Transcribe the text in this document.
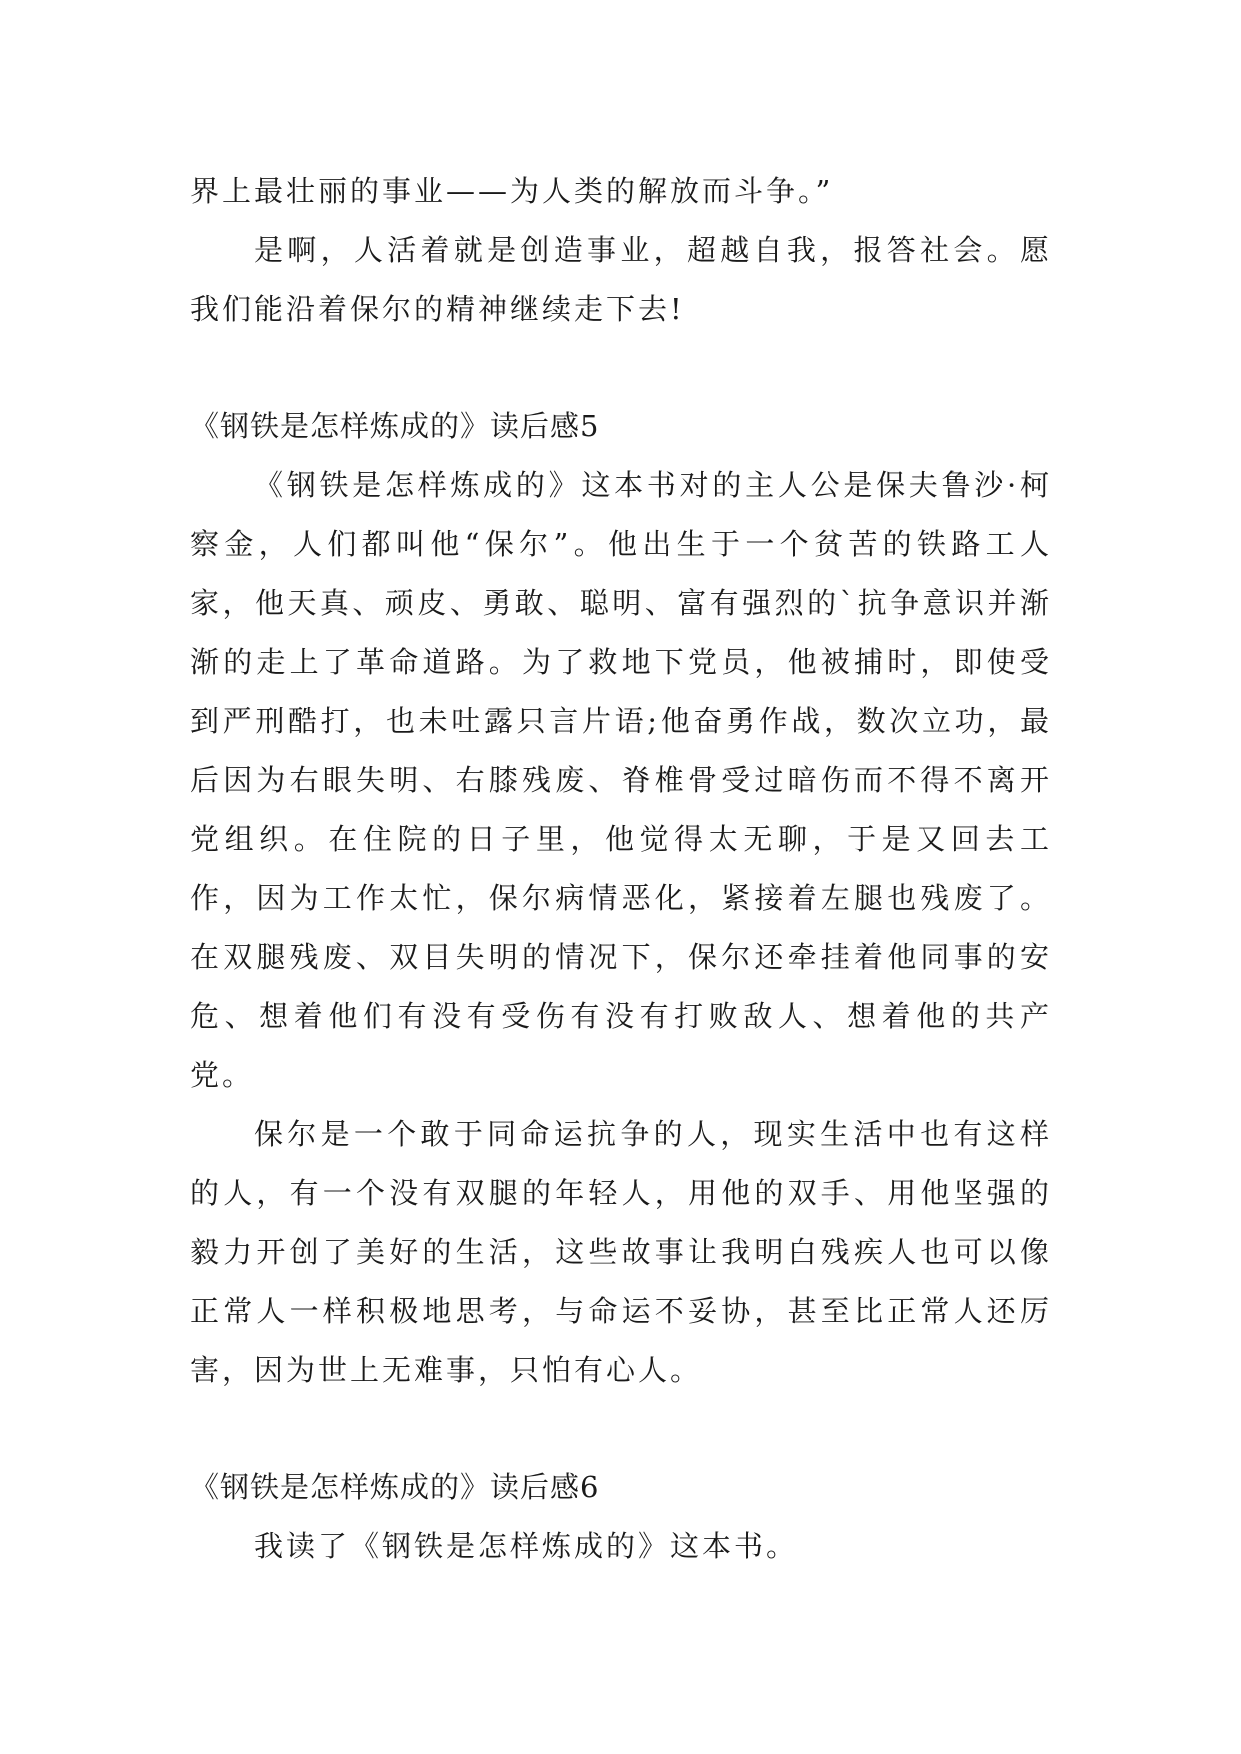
界上最壮丽的事业——为人类的解放而斗争。”

是啊，人活着就是创造事业，超越自我，报答社会。愿我们能沿着保尔的精神继续走下去!

《钢铁是怎样炼成的》读后感5

《钢铁是怎样炼成的》这本书对的主人公是保夫鲁沙·柯察金，人们都叫他“保尔”。他出生于一个贫苦的铁路工人家，他天真、顽皮、勇敢、聪明、富有强烈的`抗争意识并渐渐的走上了革命道路。为了救地下党员，他被捕时，即使受到严刑酷打，也未吐露只言片语;他奋勇作战，数次立功，最后因为右眼失明、右膝残废、脊椎骨受过暗伤而不得不离开党组织。在住院的日子里，他觉得太无聊，于是又回去工作，因为工作太忙，保尔病情恶化，紧接着左腿也残废了。在双腿残废、双目失明的情况下，保尔还牵挂着他同事的安危、想着他们有没有受伤有没有打败敌人、想着他的共产党。

保尔是一个敢于同命运抗争的人，现实生活中也有这样的人，有一个没有双腿的年轻人，用他的双手、用他坚强的毅力开创了美好的生活，这些故事让我明白残疾人也可以像正常人一样积极地思考，与命运不妥协，甚至比正常人还厉害，因为世上无难事，只怕有心人。

《钢铁是怎样炼成的》读后感6

我读了《钢铁是怎样炼成的》这本书。
